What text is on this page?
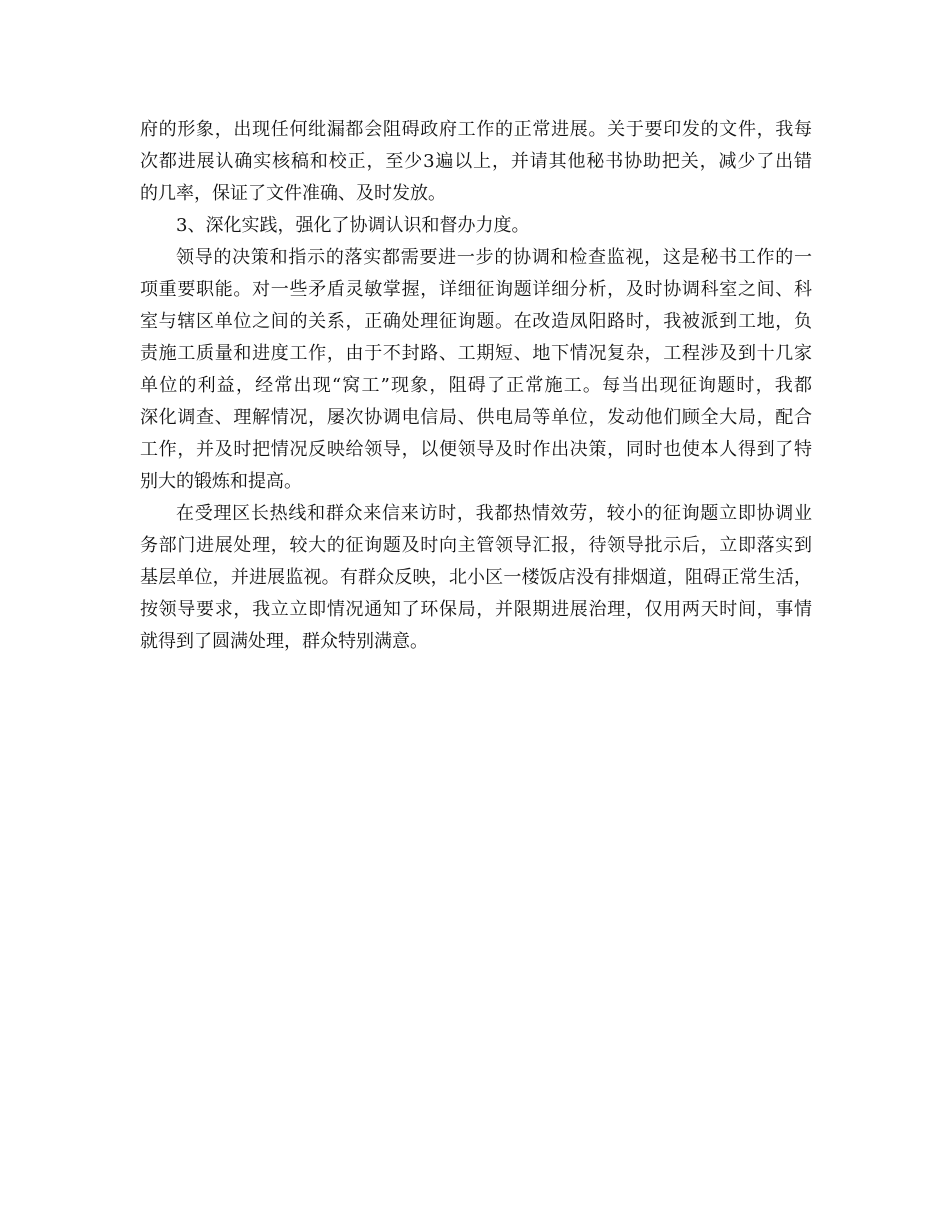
府的形象，出现任何纰漏都会阻碍政府工作的正常进展。关于要印发的文件，我每
次都进展认确实核稿和校正，至少3遍以上，并请其他秘书协助把关，减少了出错
的几率，保证了文件准确、及时发放。
3、深化实践，强化了协调认识和督办力度。
领导的决策和指示的落实都需要进一步的协调和检查监视，这是秘书工作的一
项重要职能。对一些矛盾灵敏掌握，详细征询题详细分析，及时协调科室之间、科
室与辖区单位之间的关系，正确处理征询题。在改造凤阳路时，我被派到工地，负
责施工质量和进度工作，由于不封路、工期短、地下情况复杂，工程涉及到十几家
单位的利益，经常出现“窝工”现象，阻碍了正常施工。每当出现征询题时，我都
深化调查、理解情况，屡次协调电信局、供电局等单位，发动他们顾全大局，配合
工作，并及时把情况反映给领导，以便领导及时作出决策，同时也使本人得到了特
别大的锻炼和提高。
在受理区长热线和群众来信来访时，我都热情效劳，较小的征询题立即协调业
务部门进展处理，较大的征询题及时向主管领导汇报，待领导批示后，立即落实到
基层单位，并进展监视。有群众反映，北小区一楼饭店没有排烟道，阻碍正常生活，
按领导要求，我立立即情况通知了环保局，并限期进展治理，仅用两天时间，事情
就得到了圆满处理，群众特别满意。
